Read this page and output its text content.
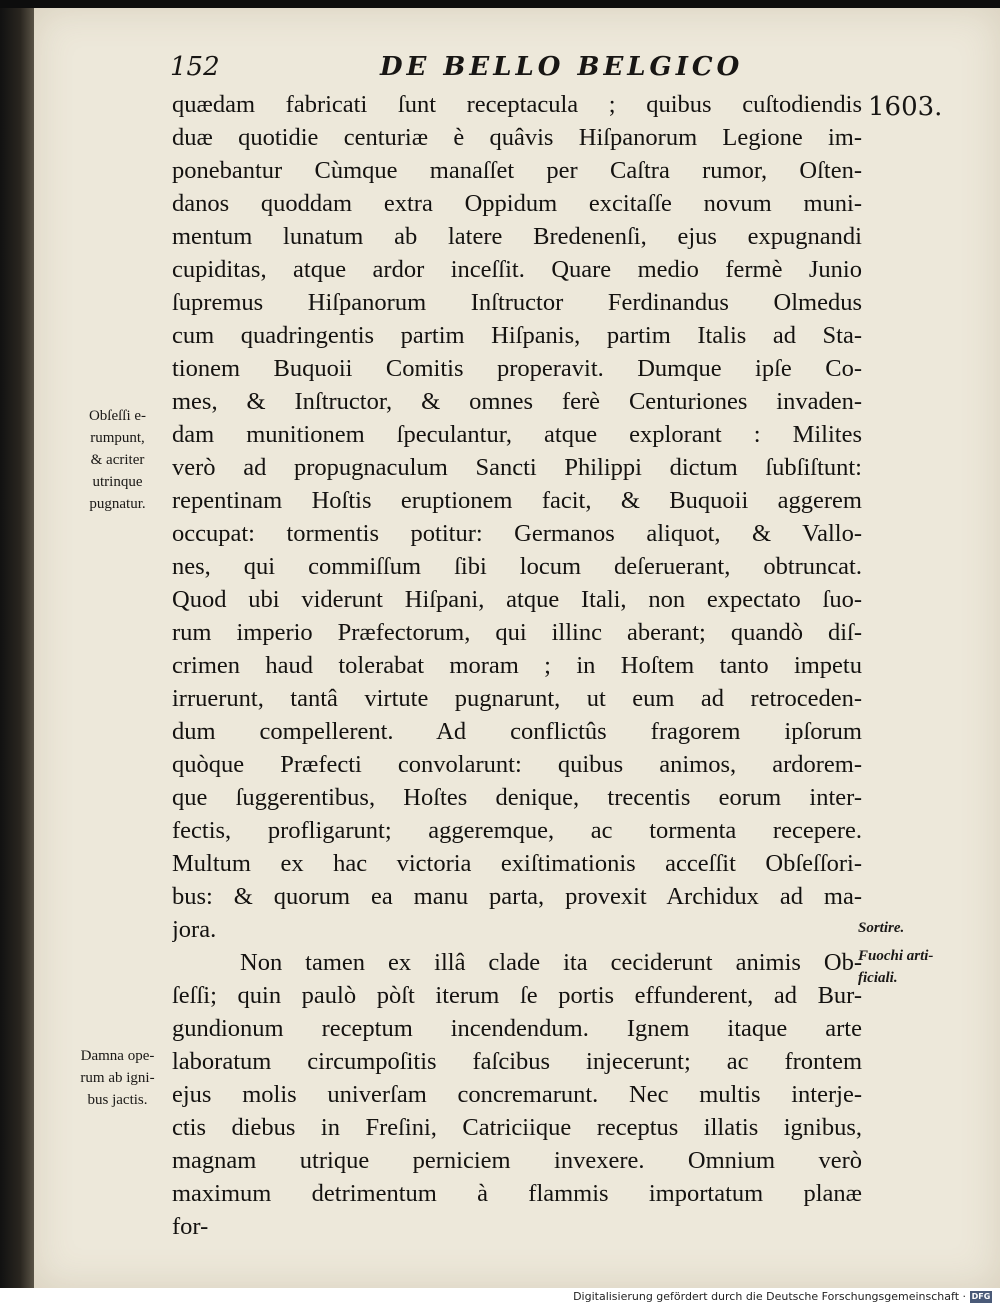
152	DE BELLO BELGICO
1603.
quædam fabricati ſunt receptacula ; quibus cuſtodiendis
duæ quotidie centuriæ è quâvis Hiſpanorum Legione im-
ponebantur Cùmque manaſſet per Caſtra rumor, Oſten-
danos quoddam extra Oppidum excitaſſe novum muni-
mentum lunatum ab latere Bredenenſi, ejus expugnandi
cupiditas, atque ardor inceſſit. Quare medio fermè Junio
ſupremus Hiſpanorum Inſtructor Ferdinandus Olmedus
cum quadringentis partim Hiſpanis, partim Italis ad Sta-
tionem Buquoii Comitis properavit. Dumque ipſe Co-
mes, & Inſtructor, & omnes ferè Centuriones invaden-
dam munitionem ſpeculantur, atque explorant : Milites
verò ad propugnaculum Sancti Philippi dictum ſubſiſtunt:
repentinam Hoſtis eruptionem facit, & Buquoii aggerem
occupat: tormentis potitur: Germanos aliquot, & Vallo-
nes, qui commiſſum ſibi locum deſeruerant, obtruncat.
Quod ubi viderunt Hiſpani, atque Itali, non expectato ſuo-
rum imperio Præfectorum, qui illinc aberant; quandò diſ-
crimen haud tolerabat moram ; in Hoſtem tanto impetu
irruerunt, tantâ virtute pugnarunt, ut eum ad retroceden-
dum compellerent. Ad conflictûs fragorem ipſorum
quòque Præfecti convolarunt: quibus animos, ardorem-
que ſuggerentibus, Hoſtes denique, trecentis eorum inter-
fectis, profligarunt; aggeremque, ac tormenta recepere.
Multum ex hac victoria exiſtimationis acceſſit Obſeſſori-
bus: & quorum ea manu parta, provexit Archidux ad ma-
jora.
Non tamen ex illâ clade ita ceciderunt animis Ob-
ſeſſi; quin paulò pòſt iterum ſe portis effunderent, ad Bur-
gundionum receptum incendendum. Ignem itaque arte
laboratum circumpoſitis faſcibus injecerunt; ac frontem
ejus molis univerſam concremarunt. Nec multis interje-
ctis diebus in Freſini, Catriciique receptus illatis ignibus,
magnam utrique perniciem invexere. Omnium verò
maximum detrimentum à flammis importatum planæ
for-
Obſeſſi e-
rumpunt,
& acriter
utrinque
pugnatur.
Damna ope-
rum ab igni-
bus jactis.
Sortire.
Fuochi arti-
ficiali.
Digitalisierung gefördert durch die Deutsche Forschungsgemeinschaft · DFG
